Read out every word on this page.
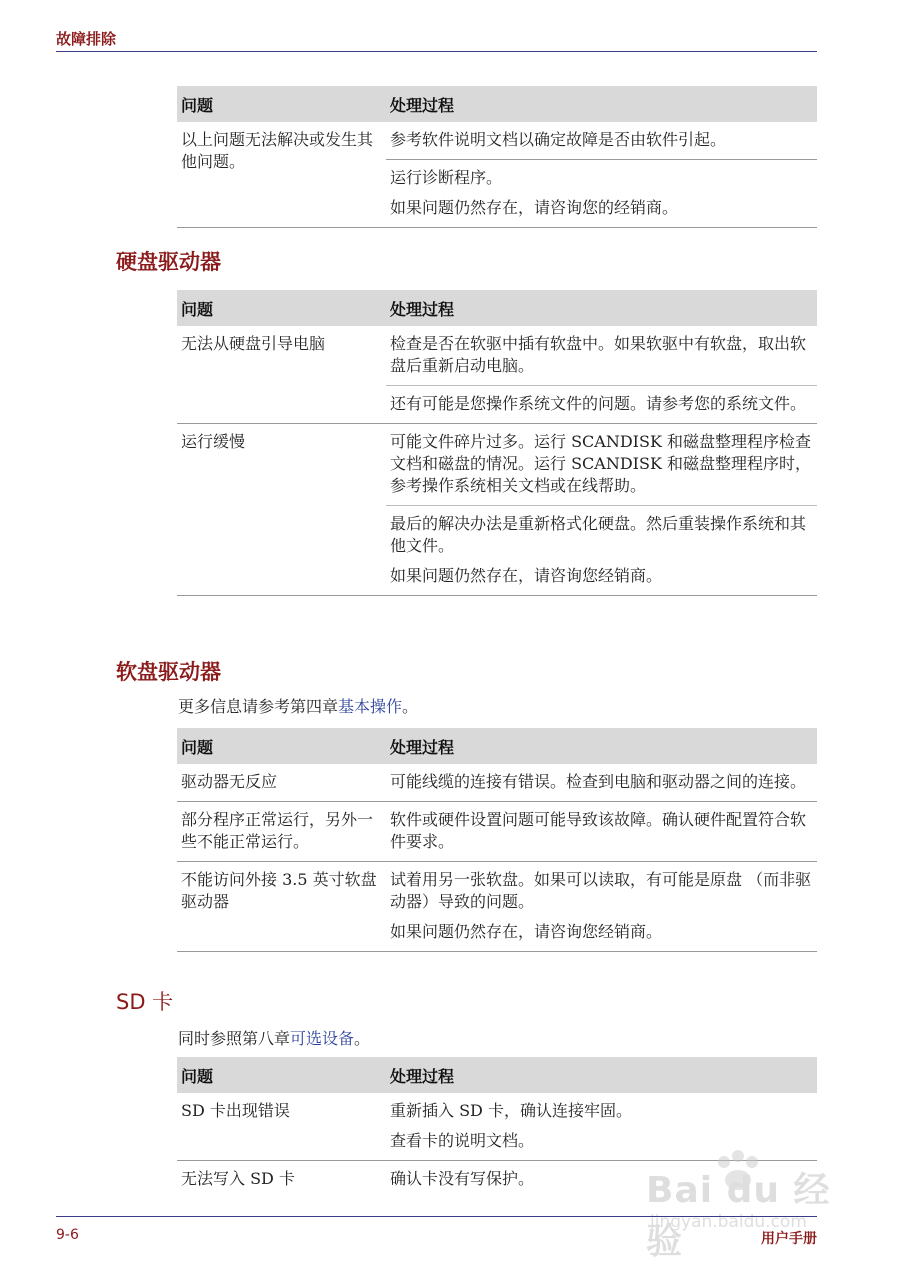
故障排除
问题	处理过程
以上问题无法解决或发生其他问题。	参考软件说明文档以确定故障是否由软件引起。

	运行诊断程序。
如果问题仍然存在，请咨询您的经销商。
硬盘驱动器
问题	处理过程
无法从硬盘引导电脑	检查是否在软驱中插有软盘中。如果软驱中有软盘，取出软盘后重新启动电脑。

	还有可能是您操作系统文件的问题。请参考您的系统文件。

运行缓慢	可能文件碎片过多。运行 SCANDISK 和磁盘整理程序检查文档和磁盘的情况。运行 SCANDISK 和磁盘整理程序时，参考操作系统相关文档或在线帮助。

	最后的解决办法是重新格式化硬盘。然后重装操作系统和其他文件。
如果问题仍然存在，请咨询您经销商。
软盘驱动器
更多信息请参考第四章基本操作。
问题	处理过程
驱动器无反应	可能线缆的连接有错误。检查到电脑和驱动器之间的连接。

部分程序正常运行，另外一些不能正常运行。	软件或硬件设置问题可能导致该故障。确认硬件配置符合软件要求。

不能访问外接 3.5 英寸软盘驱动器	试着用另一张软盘。如果可以读取，有可能是原盘 （而非驱动器）导致的问题。
如果问题仍然存在，请咨询您经销商。
SD 卡
同时参照第八章可选设备。
问题	处理过程
SD 卡出现错误	重新插入 SD 卡，确认连接牢固。
查看卡的说明文档。

无法写入 SD 卡	确认卡没有写保护。	Bai du 经验
jingyan.baidu.com
9-6	用户手册
